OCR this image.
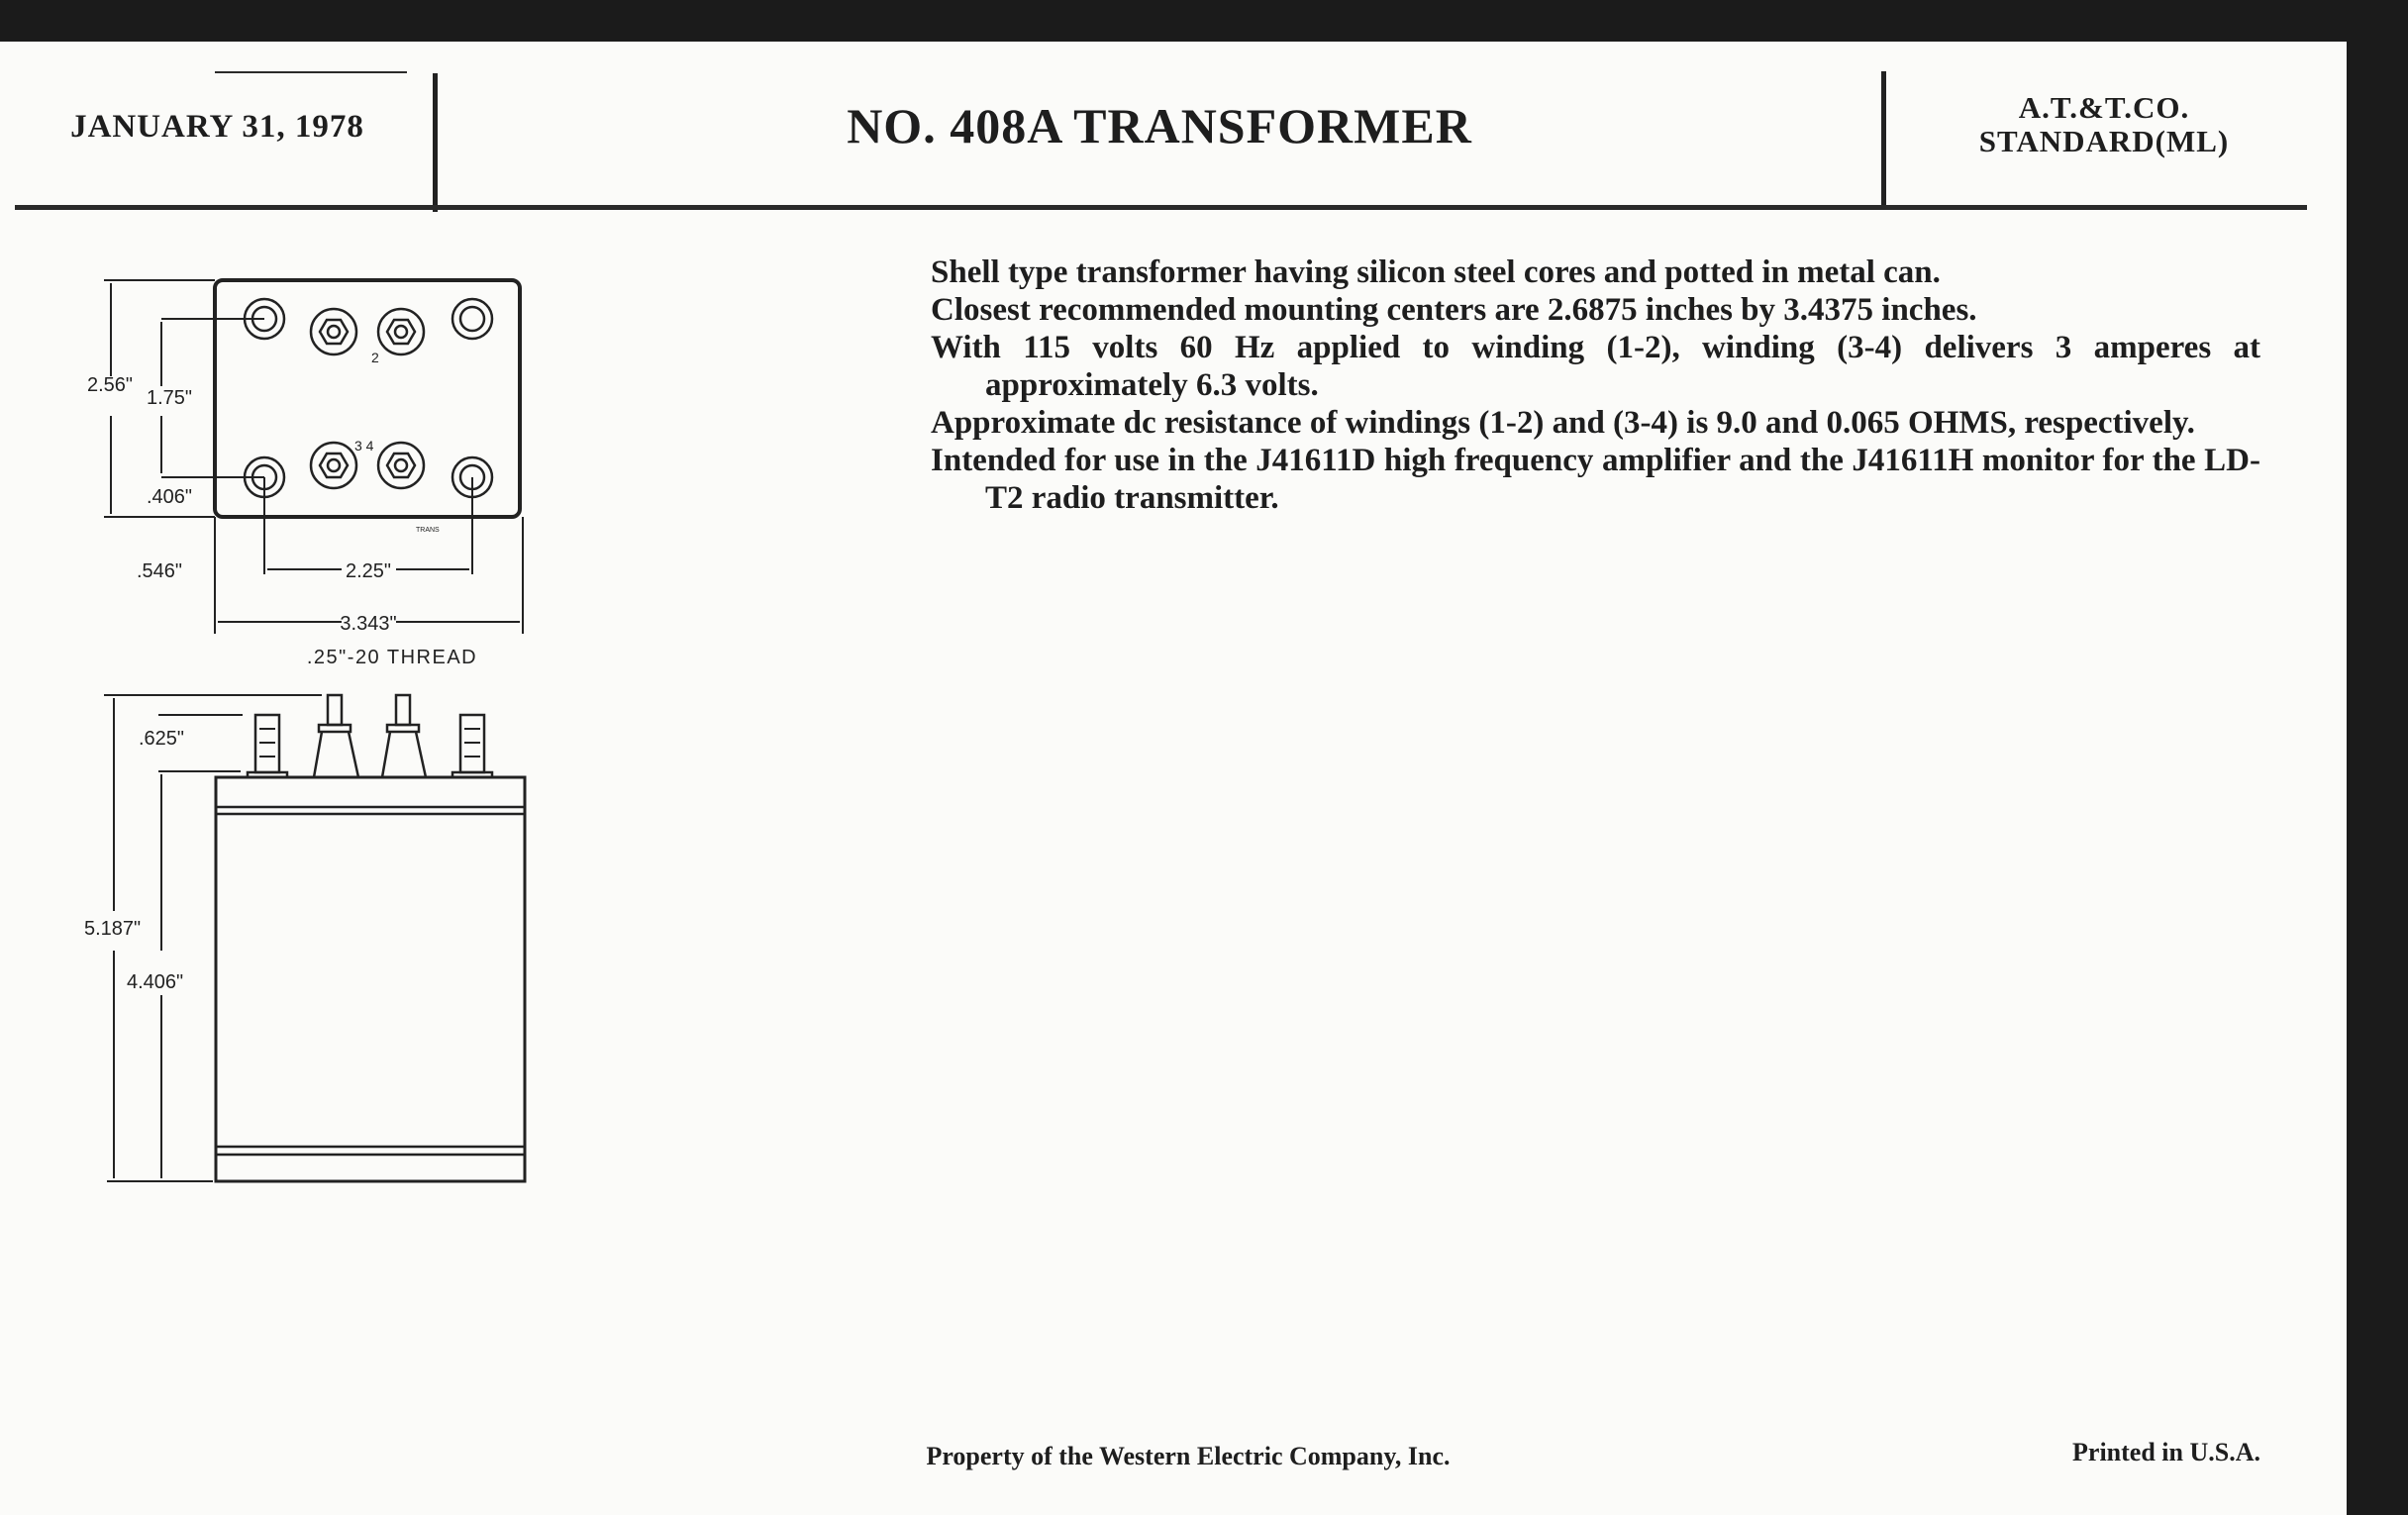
JANUARY 31, 1978	NO. 408A TRANSFORMER	A.T.&T.CO.
STANDARD(ML)

Shell type transformer having silicon steel cores and potted in metal can.

Closest recommended mounting centers are 2.6875 inches by 3.4375 inches.

With 115 volts 60 Hz applied to winding (1-2), winding (3-4) delivers 3 amperes at approximately 6.3 volts.

Approximate dc resistance of windings (1-2) and (3-4) is 9.0 and 0.065 OHMS, respectively.

Intended for use in the J41611D high frequency amplifier and the J41611H monitor for the LD-T2 radio transmitter.

2.56"
1.75"
.406"
.546"	2.25"
3.343"
.25"-20 THREAD
2
3 4
TRANS
.625"
5.187"
4.406"
Property of the Western Electric Company, Inc.	Printed in U.S.A.
